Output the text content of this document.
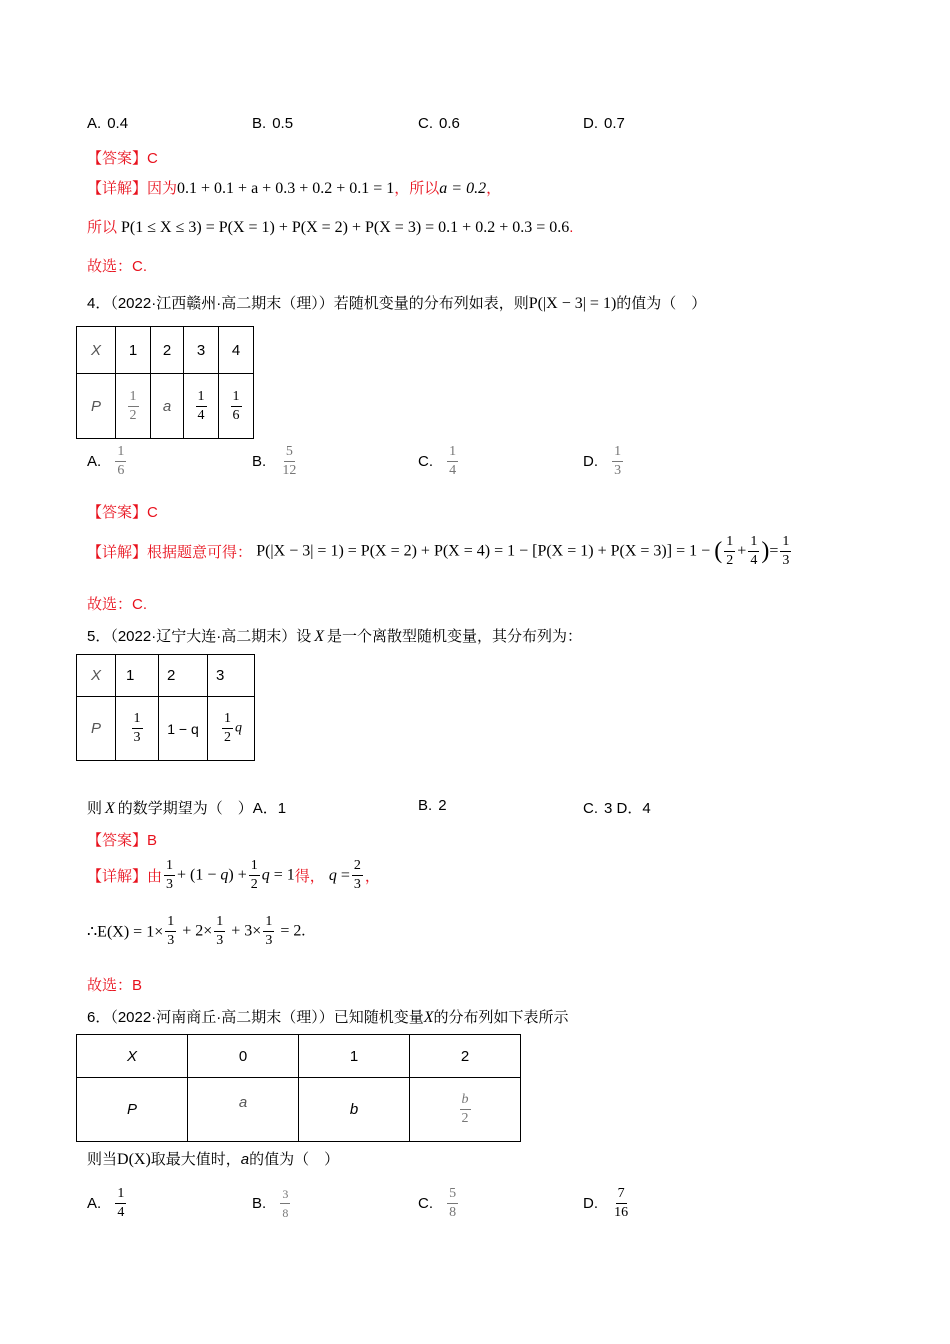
A. 0.4	B. 0.5	C. 0.6	D. 0.7
【答案】C
【详解】因为0.1 + 0.1 + a + 0.3 + 0.2 + 0.1 = 1，所以a = 0.2，
所以 P(1 ≤ X ≤ 3) = P(X = 1) + P(X = 2) + P(X = 3) = 0.1 + 0.2 + 0.3 = 0.6.
故选：C.
4．（2022·江西赣州·高二期末（理））若随机变量的分布列如表，则P(|X − 3| = 1)的值为（　）
X	1	2	3	4
P	$\frac{1}{2}$	a	$\frac{1}{4}$	$\frac{1}{6}$
A. $\frac{1}{6}$	B. $\frac{5}{12}$	C. $\frac{1}{4}$	D. $\frac{1}{3}$
【答案】C
【详解】根据题意可得： P(|X − 3| = 1) = P(X = 2) + P(X = 4) = 1 − [P(X = 1) + P(X = 3)] = 1 − ( $\frac{1}{2} + \frac{1}{4}$ )= $\frac{1}{3}$
故选：C.
5．（2022·辽宁大连·高二期末）设 X 是一个离散型随机变量，其分布列为：
X	1	2	3
P	$\frac{1}{3}$	1 − q	$\frac{1}{2}$ q
则 X 的数学期望为（　）A．1	B. 2	C. 3 D．4
【答案】B
【详解】由 $\frac{1}{3} + (1 - q) + \frac{1}{2}$ q = 1得， $q = \frac{2}{3}$ ，
∴E(X) = $1\times \frac{1}{3} + 2\times \frac{1}{3} + 3\times \frac{1}{3} = 2$.
故选：B
6．（2022·河南商丘·高二期末（理））已知随机变量X的分布列如下表所示
X	0	1	2
P	a	b	$\frac{b}{2}$
则当D(X)取最大值时，a的值为（　）
A. $\frac{1}{4}$	B. $\frac{3}{8}$	C. $\frac{5}{8}$	D. $\frac{7}{16}$
